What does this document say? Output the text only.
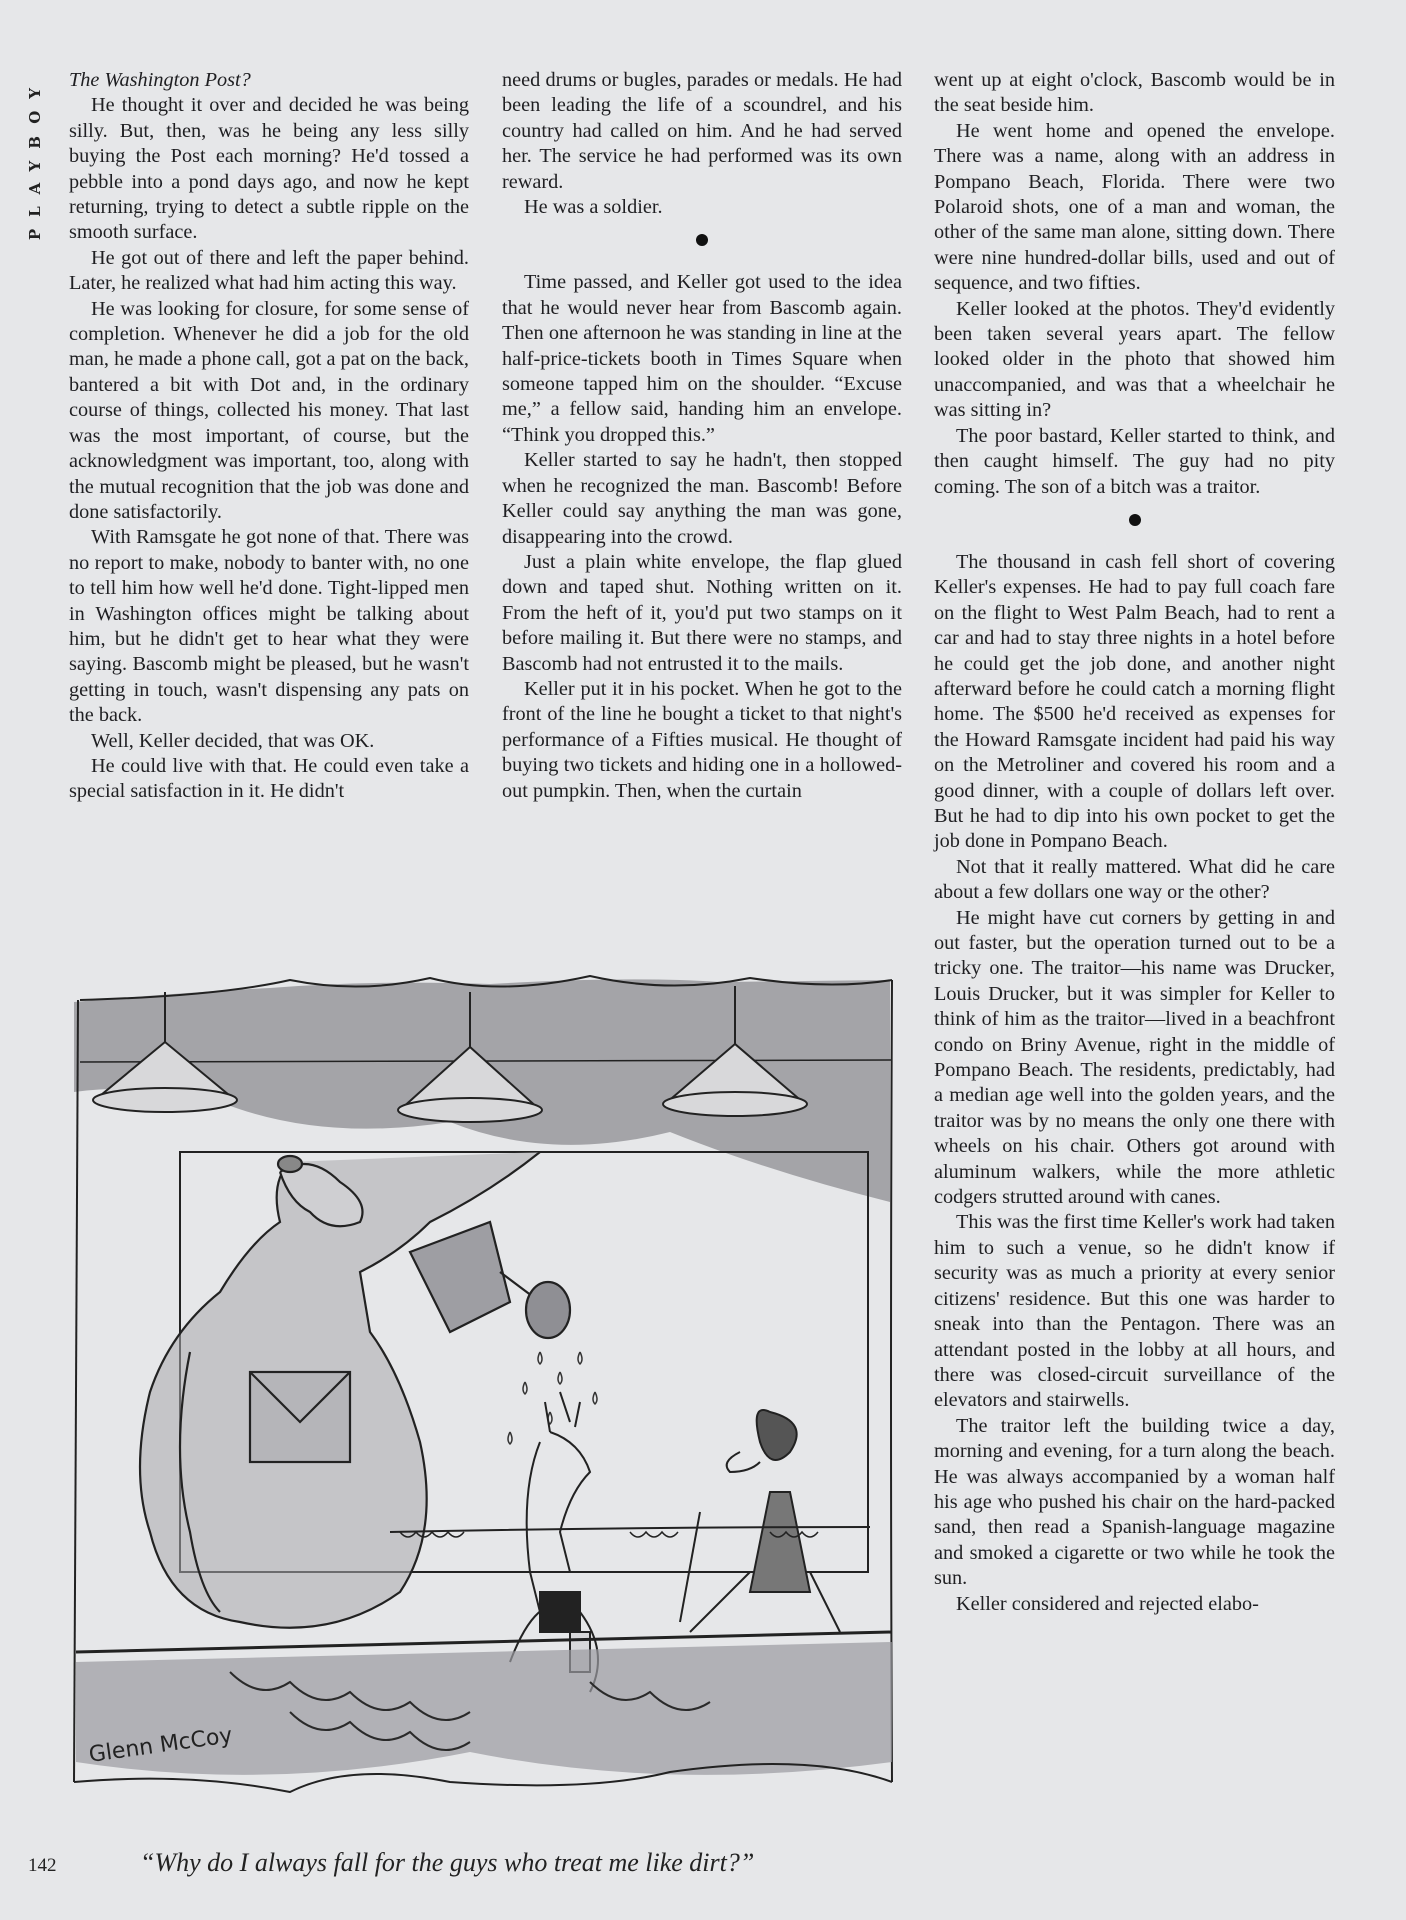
PLAYBOY	The Washington Post?

He thought it over and decided he was being silly. But, then, was he being any less silly buying the Post each morning? He'd tossed a pebble into a pond days ago, and now he kept returning, trying to detect a subtle ripple on the smooth surface.

He got out of there and left the paper behind. Later, he realized what had him acting this way.

He was looking for closure, for some sense of completion. Whenever he did a job for the old man, he made a phone call, got a pat on the back, bantered a bit with Dot and, in the ordinary course of things, collected his money. That last was the most important, of course, but the acknowledgment was important, too, along with the mutual recognition that the job was done and done satisfactorily.

With Ramsgate he got none of that. There was no report to make, nobody to banter with, no one to tell him how well he'd done. Tight-lipped men in Washington offices might be talking about him, but he didn't get to hear what they were saying. Bascomb might be pleased, but he wasn't getting in touch, wasn't dispensing any pats on the back.

Well, Keller decided, that was OK.

He could live with that. He could even take a special satisfaction in it. He didn't

need drums or bugles, parades or medals. He had been leading the life of a scoundrel, and his country had called on him. And he had served her. The service he had performed was its own reward.

He was a soldier.

Time passed, and Keller got used to the idea that he would never hear from Bascomb again. Then one afternoon he was standing in line at the half-price-tickets booth in Times Square when someone tapped him on the shoulder. “Excuse me,” a fellow said, handing him an envelope. “Think you dropped this.”

Keller started to say he hadn't, then stopped when he recognized the man. Bascomb! Before Keller could say anything the man was gone, disappearing into the crowd.

Just a plain white envelope, the flap glued down and taped shut. Nothing written on it. From the heft of it, you'd put two stamps on it before mailing it. But there were no stamps, and Bascomb had not entrusted it to the mails.

Keller put it in his pocket. When he got to the front of the line he bought a ticket to that night's performance of a Fifties musical. He thought of buying two tickets and hiding one in a hollowed-out pumpkin. Then, when the curtain

went up at eight o'clock, Bascomb would be in the seat beside him.

He went home and opened the envelope. There was a name, along with an address in Pompano Beach, Florida. There were two Polaroid shots, one of a man and woman, the other of the same man alone, sitting down. There were nine hundred-dollar bills, used and out of sequence, and two fifties.

Keller looked at the photos. They'd evidently been taken several years apart. The fellow looked older in the photo that showed him unaccompanied, and was that a wheelchair he was sitting in?

The poor bastard, Keller started to think, and then caught himself. The guy had no pity coming. The son of a bitch was a traitor.

The thousand in cash fell short of covering Keller's expenses. He had to pay full coach fare on the flight to West Palm Beach, had to rent a car and had to stay three nights in a hotel before he could get the job done, and another night afterward before he could catch a morning flight home. The $500 he'd received as expenses for the Howard Ramsgate incident had paid his way on the Metroliner and covered his room and a good dinner, with a couple of dollars left over. But he had to dip into his own pocket to get the job done in Pompano Beach.

Not that it really mattered. What did he care about a few dollars one way or the other?

He might have cut corners by getting in and out faster, but the operation turned out to be a tricky one. The traitor—his name was Drucker, Louis Drucker, but it was simpler for Keller to think of him as the traitor—lived in a beachfront condo on Briny Avenue, right in the middle of Pompano Beach. The residents, predictably, had a median age well into the golden years, and the traitor was by no means the only one there with wheels on his chair. Others got around with aluminum walkers, while the more athletic codgers strutted around with canes.

This was the first time Keller's work had taken him to such a venue, so he didn't know if security was as much a priority at every senior citizens' residence. But this one was harder to sneak into than the Pentagon. There was an attendant posted in the lobby at all hours, and there was closed-circuit surveillance of the elevators and stairwells.

The traitor left the building twice a day, morning and evening, for a turn along the beach. He was always accompanied by a woman half his age who pushed his chair on the hard-packed sand, then read a Spanish-language magazine and smoked a cigarette or two while he took the sun.

Keller considered and rejected elabo-

Glenn McCoy
142	“Why do I always fall for the guys who treat me like dirt?”
